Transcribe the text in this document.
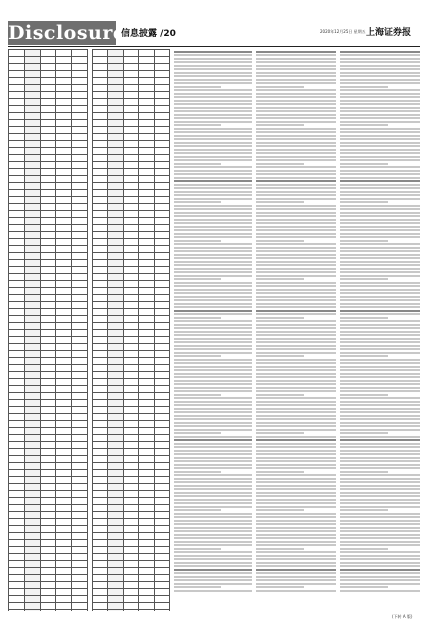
Disclosure
信息披露 /20	2020年12月25日 星期五 上海证券报

(下转 A 版)
